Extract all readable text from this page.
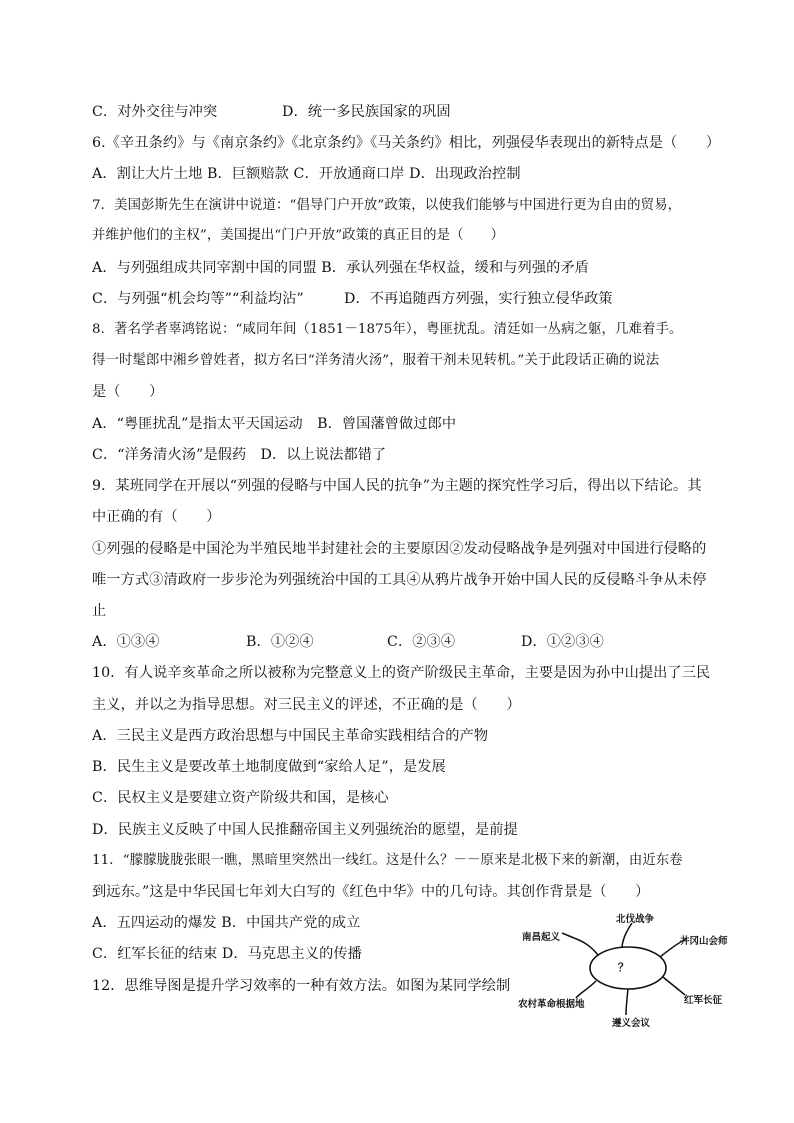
C．对外交往与冲突	D．统一多民族国家的巩固
6.《辛丑条约》与《南京条约》《北京条约》《马关条约》相比，列强侵华表现出的新特点是（　　）
A．割让大片土地 B．巨额赔款 C．开放通商口岸 D．出现政治控制
7．美国彭斯先生在演讲中说道：“倡导门户开放”政策，以使我们能够与中国进行更为自由的贸易，
并维护他们的主权”，美国提出“门户开放”政策的真正目的是（　　）
A．与列强组成共同宰割中国的同盟 B．承认列强在华权益，缓和与列强的矛盾
C．与列强“机会均等”“利益均沾”	D．不再追随西方列强，实行独立侵华政策
8．著名学者辜鸿铭说：“咸同年间（1851－1875年），粤匪扰乱。清廷如一丛病之躯，几难着手。
得一时髦郎中湘乡曾姓者，拟方名曰“洋务清火汤”，服着干剂未见转机。”关于此段话正确的说法
是（　　）
A．“粤匪扰乱”是指太平天国运动　B．曾国藩曾做过郎中
C．“洋务清火汤”是假药　D．以上说法都错了
9．某班同学在开展以“列强的侵略与中国人民的抗争”为主题的探究性学习后，得出以下结论。其
中正确的有（　　）
①列强的侵略是中国沦为半殖民地半封建社会的主要原因②发动侵略战争是列强对中国进行侵略的
唯一方式③清政府一步步沦为列强统治中国的工具④从鸦片战争开始中国人民的反侵略斗争从未停
止
A．①③④	B．①②④	C．②③④	D．①②③④
10．有人说辛亥革命之所以被称为完整意义上的资产阶级民主革命，主要是因为孙中山提出了三民
主义，并以之为指导思想。对三民主义的评述，不正确的是（　　）
A．三民主义是西方政治思想与中国民主革命实践相结合的产物
B．民生主义是要改革土地制度做到“家给人足”，是发展
C．民权主义是要建立资产阶级共和国，是核心
D．民族主义反映了中国人民推翻帝国主义列强统治的愿望，是前提
11．“朦朦胧胧张眼一瞧，黑暗里突然出一线红。这是什么？－－原来是北极下来的新潮，由近东卷
到远东。”这是中华民国七年刘大白写的《红色中华》中的几句诗。其创作背景是（　　）
A．五四运动的爆发 B．中国共产党的成立
C．红军长征的结束 D．马克思主义的传播
12．思维导图是提升学习效率的一种有效方法。如图为某同学绘制
？
南昌起义
北伐战争
井冈山会师
红军长征
遵义会议
农村革命根据地
